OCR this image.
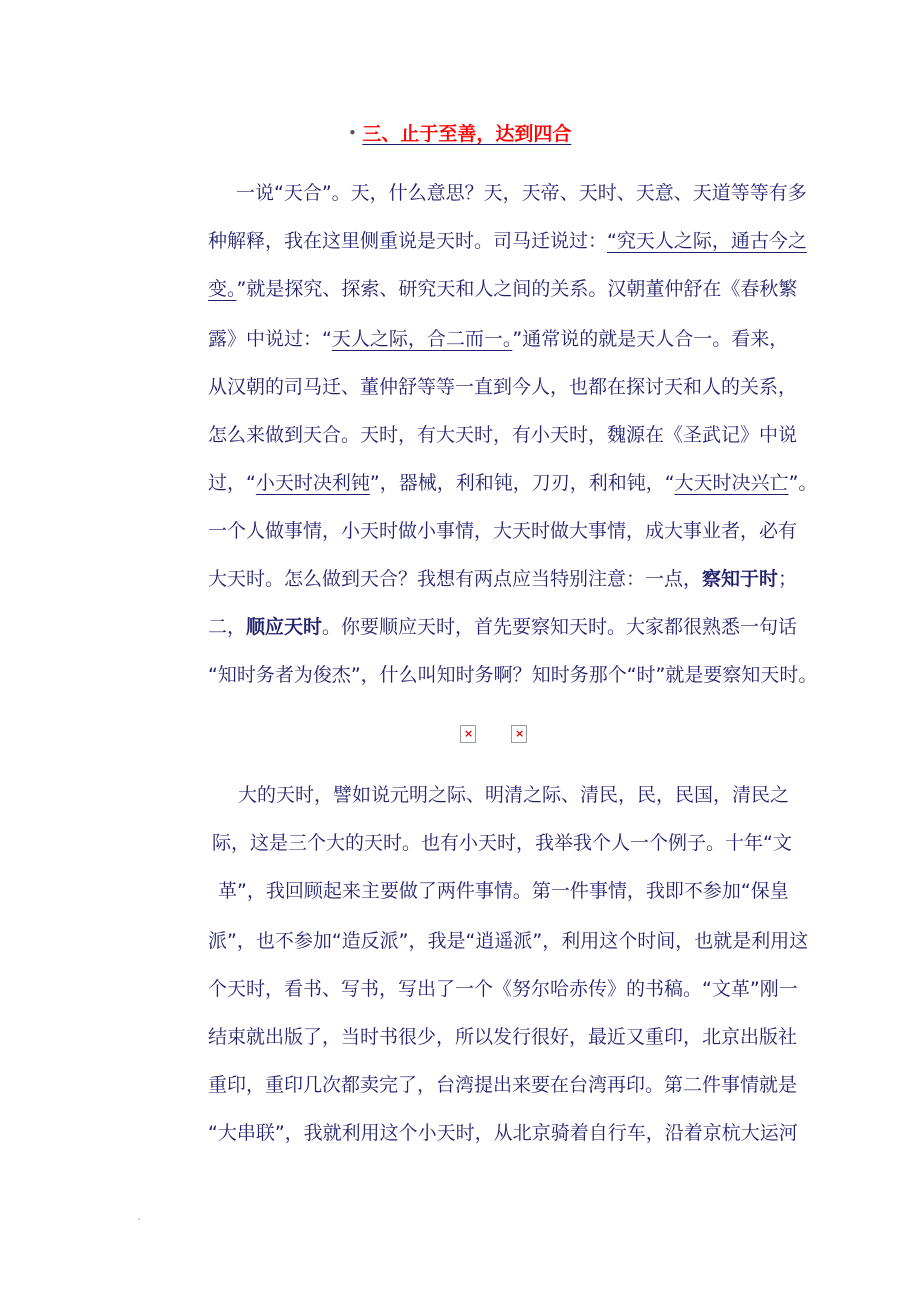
• 三、止于至善，达到四合
一说“天合”。天，什么意思？天，天帝、天时、天意、天道等等有多
种解释，我在这里侧重说是天时。司马迁说过：“究天人之际，通古今之
变。”就是探究、探索、研究天和人之间的关系。汉朝董仲舒在《春秋繁
露》中说过：“天人之际，合二而一。”通常说的就是天人合一。看来，
从汉朝的司马迁、董仲舒等等一直到今人，也都在探讨天和人的关系，
怎么来做到天合。天时，有大天时，有小天时，魏源在《圣武记》中说
过，“小天时决利钝”，器械，利和钝，刀刃，利和钝，“大天时决兴亡”。
一个人做事情，小天时做小事情，大天时做大事情，成大事业者，必有
大天时。怎么做到天合？我想有两点应当特别注意：一点，察知于时；
二，顺应天时。你要顺应天时，首先要察知天时。大家都很熟悉一句话
“知时务者为俊杰”，什么叫知时务啊？知时务那个“时”就是要察知天时。
×	×
大的天时，譬如说元明之际、明清之际、清民，民，民国，清民之
际，这是三个大的天时。也有小天时，我举我个人一个例子。十年“文
革”，我回顾起来主要做了两件事情。第一件事情，我即不参加“保皇
派”，也不参加“造反派”，我是“逍遥派”，利用这个时间，也就是利用这
个天时，看书、写书，写出了一个《努尔哈赤传》的书稿。“文革”刚一
结束就出版了，当时书很少，所以发行很好，最近又重印，北京出版社
重印，重印几次都卖完了，台湾提出来要在台湾再印。第二件事情就是
“大串联”，我就利用这个小天时，从北京骑着自行车，沿着京杭大运河
